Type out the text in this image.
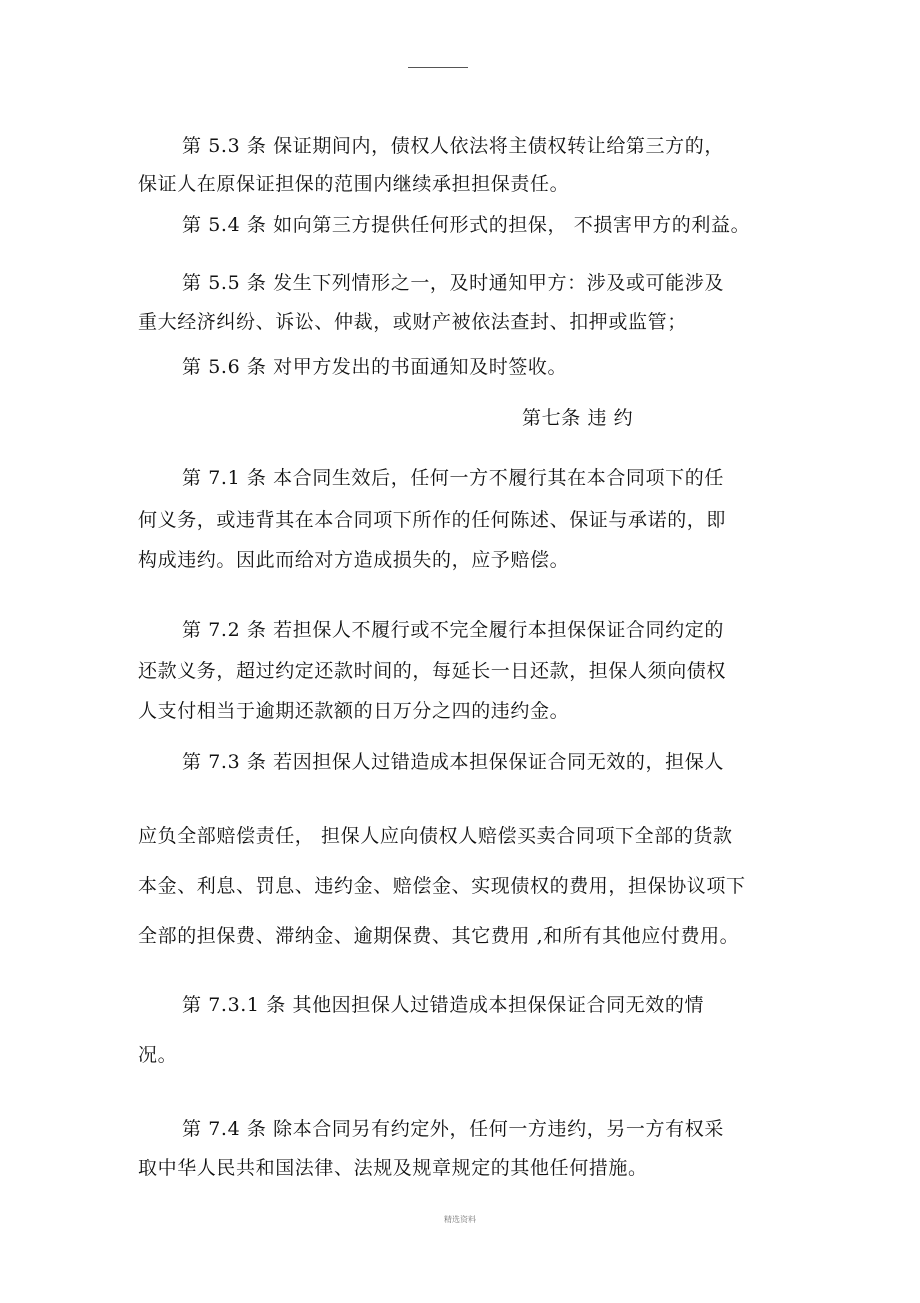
第 5.3 条 保证期间内，债权人依法将主债权转让给第三方的，
保证人在原保证担保的范围内继续承担担保责任。
第 5.4 条 如向第三方提供任何形式的担保， 不损害甲方的利益。
第 5.5 条 发生下列情形之一，及时通知甲方：涉及或可能涉及
重大经济纠纷、诉讼、仲裁，或财产被依法查封、扣押或监管；
第 5.6 条 对甲方发出的书面通知及时签收。
第七条 违 约
第 7.1 条 本合同生效后，任何一方不履行其在本合同项下的任
何义务，或违背其在本合同项下所作的任何陈述、保证与承诺的，即
构成违约。因此而给对方造成损失的，应予赔偿。
第 7.2 条 若担保人不履行或不完全履行本担保保证合同约定的
还款义务，超过约定还款时间的，每延长一日还款，担保人须向债权
人支付相当于逾期还款额的日万分之四的违约金。
第 7.3 条 若因担保人过错造成本担保保证合同无效的，担保人
应负全部赔偿责任， 担保人应向债权人赔偿买卖合同项下全部的货款
本金、利息、罚息、违约金、赔偿金、实现债权的费用，担保协议项下
全部的担保费、滞纳金、逾期保费、其它费用 ,和所有其他应付费用。
第 7.3.1 条 其他因担保人过错造成本担保保证合同无效的情
况。
第 7.4 条 除本合同另有约定外，任何一方违约，另一方有权采
取中华人民共和国法律、法规及规章规定的其他任何措施。
精选资料
